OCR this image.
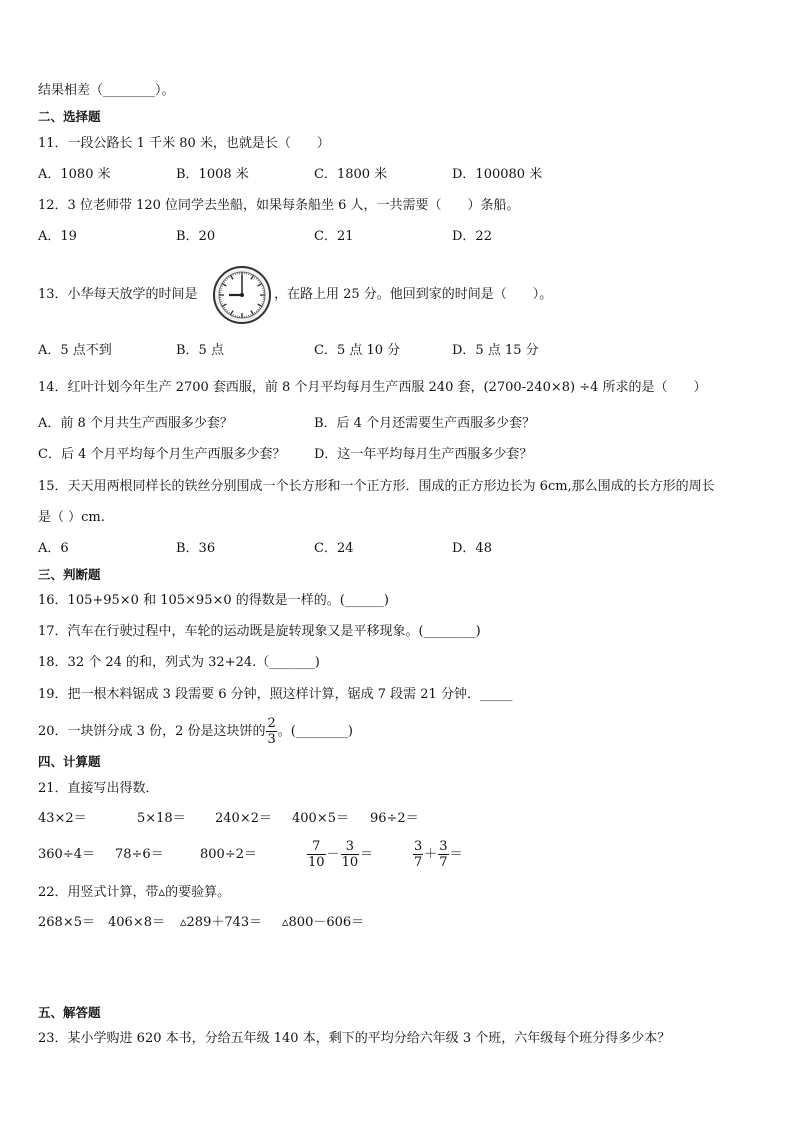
结果相差（________）。
二、选择题
11．一段公路长 1 千米 80 米，也就是长（　　）
A．1080 米	B．1008 米	C．1800 米	D．100080 米
12．3 位老师带 120 位同学去坐船，如果每条船坐 6 人，一共需要（　　）条船。
A．19	B．20	C．21	D．22
13．小华每天放学的时间是	，在路上用 25 分。他回到家的时间是（　　）。
A．5 点不到	B．5 点	C．5 点 10 分	D．5 点 15 分
14．红叶计划今年生产 2700 套西服，前 8 个月平均每月生产西服 240 套，(2700-240×8) ÷4 所求的是（　　）
A．前 8 个月共生产西服多少套？	B．后 4 个月还需要生产西服多少套？
C．后 4 个月平均每个月生产西服多少套？ D．这一年平均每月生产西服多少套？
15．天天用两根同样长的铁丝分别围成一个长方形和一个正方形．围成的正方形边长为 6cm,那么围成的长方形的周长
是（ ）cm.
A．6	B．36	C．24	D．48
三、判断题
16．105+95×0 和 105×95×0 的得数是一样的。(______)
17．汽车在行驶过程中，车轮的运动既是旋转现象又是平移现象。(________)
18．32 个 24 的和，列式为 32+24.（_______)
19．把一根木料锯成 3 段需要 6 分钟，照这样计算，锯成 7 段需 21 分钟．_____
20．一块饼分成 3 份，2 份是这块饼的 $\frac{2}{3}$ 。(________)
四、计算题
21．直接写出得数．
43×2＝	5×18＝ 240×2＝ 400×5＝ 96÷2＝
360÷4＝ 78÷6＝	800÷2＝	$\frac{7}{10} - \frac{3}{10}$ ＝	$\frac{3}{7} + \frac{3}{7}$ ＝
22．用竖式计算，带▵的要验算。
268×5＝ 406×8＝ ▵289＋743＝ ▵800－606＝
五、解答题
23．某小学购进 620 本书，分给五年级 140 本，剩下的平均分给六年级 3 个班，六年级每个班分得多少本？
